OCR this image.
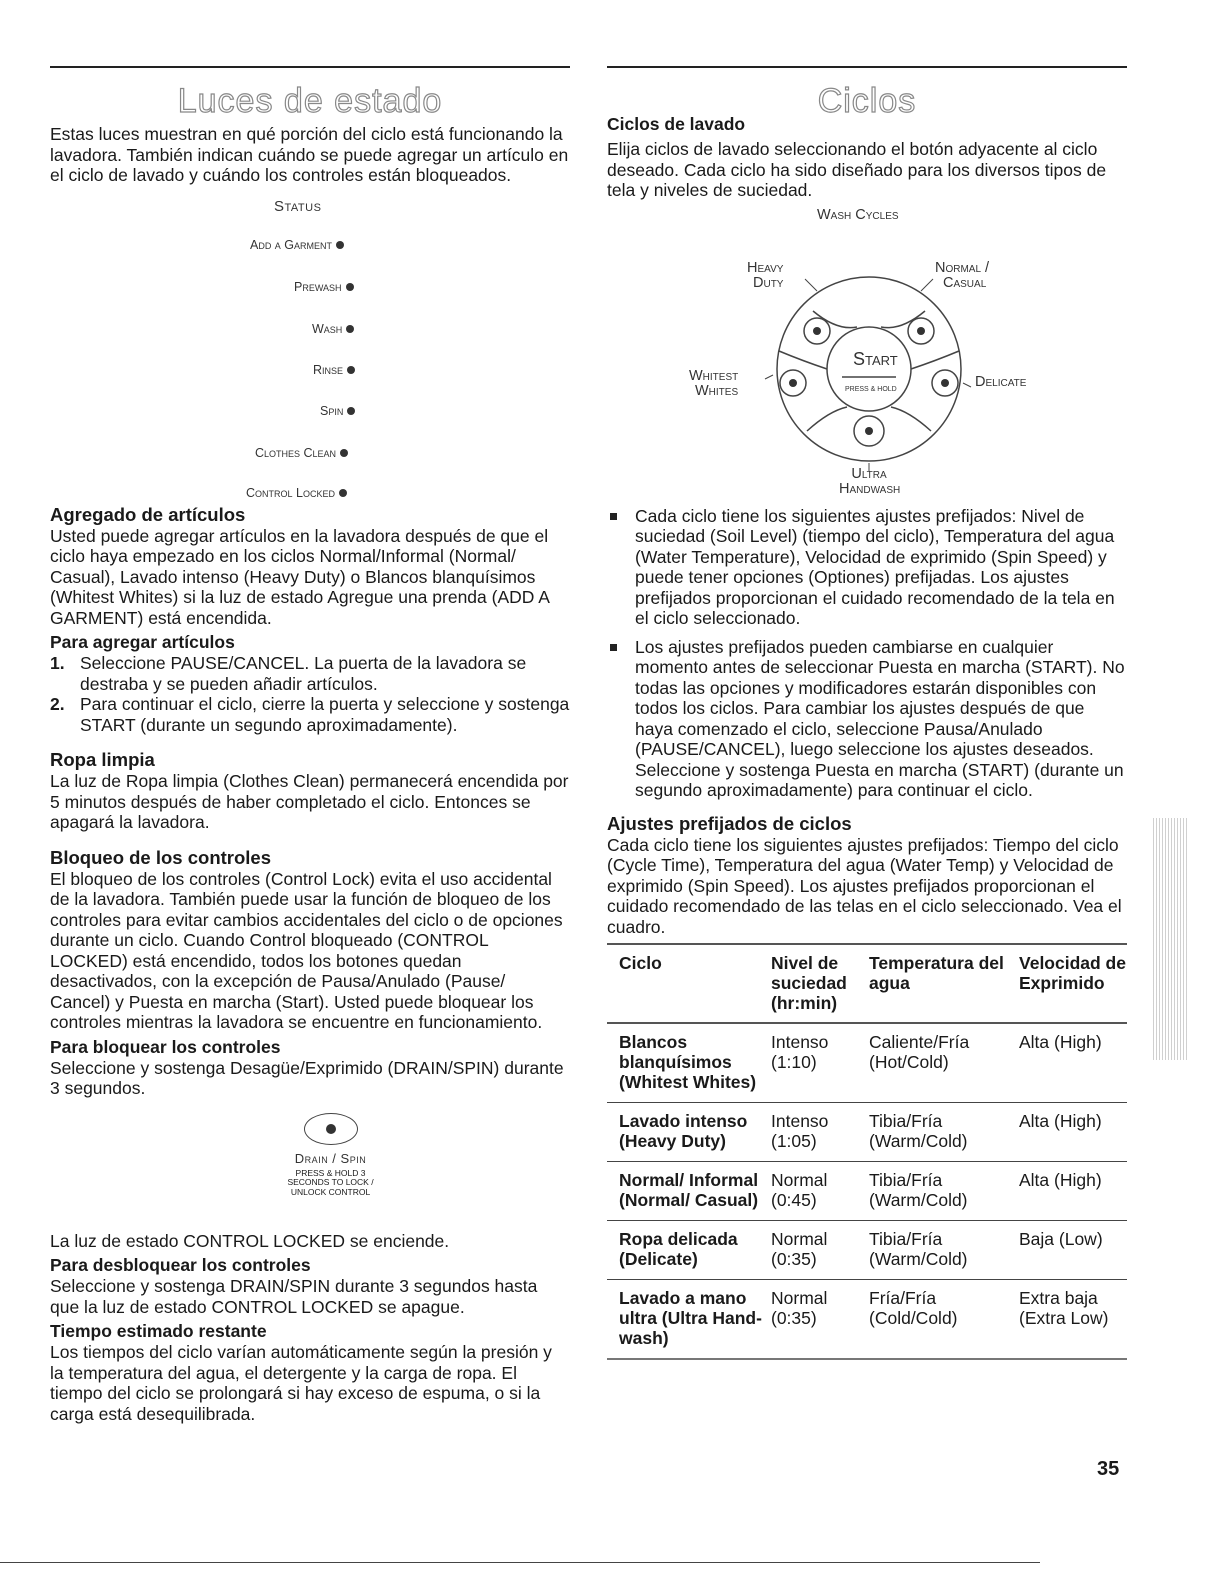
Luces de estado

Estas luces muestran en qué porción del ciclo está funcionando la lavadora. También indican cuándo se puede agregar un artículo en el ciclo de lavado y cuándo los controles están bloqueados.

Status
Add a Garment
Prewash
Wash
Rinse
Spin
Clothes Clean
Control Locked
Agregado de artículos

Usted puede agregar artículos en la lavadora después de que el ciclo haya empezado en los ciclos Normal/Informal (Normal/ Casual), Lavado intenso (Heavy Duty) o Blancos blanquísimos (Whitest Whites) si la luz de estado Agregue una prenda (ADD A GARMENT) está encendida.

Para agregar artículos
1. Seleccione PAUSE/CANCEL. La puerta de la lavadora se destraba y se pueden añadir artículos.
2. Para continuar el ciclo, cierre la puerta y seleccione y sostenga START (durante un segundo aproximadamente).
Ropa limpia

La luz de Ropa limpia (Clothes Clean) permanecerá encendida por 5 minutos después de haber completado el ciclo. Entonces se apagará la lavadora.

Bloqueo de los controles

El bloqueo de los controles (Control Lock) evita el uso accidental de la lavadora. También puede usar la función de bloqueo de los controles para evitar cambios accidentales del ciclo o de opciones durante un ciclo. Cuando Control bloqueado (CONTROL LOCKED) está encendido, todos los botones quedan desactivados, con la excepción de Pausa/Anulado (Pause/ Cancel) y Puesta en marcha (Start). Usted puede bloquear los controles mientras la lavadora se encuentre en funcionamiento.

Para bloquear los controles

Seleccione y sostenga Desagüe/Exprimido (DRAIN/SPIN) durante 3 segundos.

Drain / Spin
PRESS & HOLD 3
SECONDS TO LOCK /
UNLOCK CONTROL

La luz de estado CONTROL LOCKED se enciende.

Para desbloquear los controles

Seleccione y sostenga DRAIN/SPIN durante 3 segundos hasta que la luz de estado CONTROL LOCKED se apague.

Tiempo estimado restante

Los tiempos del ciclo varían automáticamente según la presión y la temperatura del agua, el detergente y la carga de ropa. El tiempo del ciclo se prolongará si hay exceso de espuma, o si la carga está desequilibrada.

Ciclos
Ciclos de lavado

Elija ciclos de lavado seleccionando el botón adyacente al ciclo deseado. Cada ciclo ha sido diseñado para los diversos tipos de tela y niveles de suciedad.

Wash Cycles
Start
PRESS & HOLD
Heavy
Duty
Normal /
Casual
Whitest
Whites
Delicate
Ultra
Handwash
Cada ciclo tiene los siguientes ajustes prefijados: Nivel de suciedad (Soil Level) (tiempo del ciclo), Temperatura del agua (Water Temperature), Velocidad de exprimido (Spin Speed) y puede tener opciones (Optiones) prefijadas. Los ajustes prefijados proporcionan el cuidado recomendado de la tela en el ciclo seleccionado.
Los ajustes prefijados pueden cambiarse en cualquier momento antes de seleccionar Puesta en marcha (START). No todas las opciones y modificadores estarán disponibles con todos los ciclos. Para cambiar los ajustes después de que haya comenzado el ciclo, seleccione Pausa/Anulado (PAUSE/CANCEL), luego seleccione los ajustes deseados. Seleccione y sostenga Puesta en marcha (START) (durante un segundo aproximadamente) para continuar el ciclo.
Ajustes prefijados de ciclos

Cada ciclo tiene los siguientes ajustes prefijados: Tiempo del ciclo (Cycle Time), Temperatura del agua (Water Temp) y Velocidad de exprimido (Spin Speed). Los ajustes prefijados proporcionan el cuidado recomendado de las telas en el ciclo seleccionado. Vea el cuadro.

Ciclo	Nivel de suciedad (hr:min)	Temperatura del agua	Velocidad de Exprimido
Blancos blanquísimos (Whitest Whites)	Intenso (1:10)	Caliente/Fría (Hot/Cold)	Alta (High)
Lavado intenso (Heavy Duty)	Intenso (1:05)	Tibia/Fría (Warm/Cold)	Alta (High)
Normal/ Informal (Normal/ Casual)	Normal (0:45)	Tibia/Fría (Warm/Cold)	Alta (High)
Ropa delicada (Delicate)	Normal (0:35)	Tibia/Fría (Warm/Cold)	Baja (Low)
Lavado a mano ultra (Ultra Hand- wash)	Normal (0:35)	Fría/Fría (Cold/Cold)	Extra baja (Extra Low)
35
